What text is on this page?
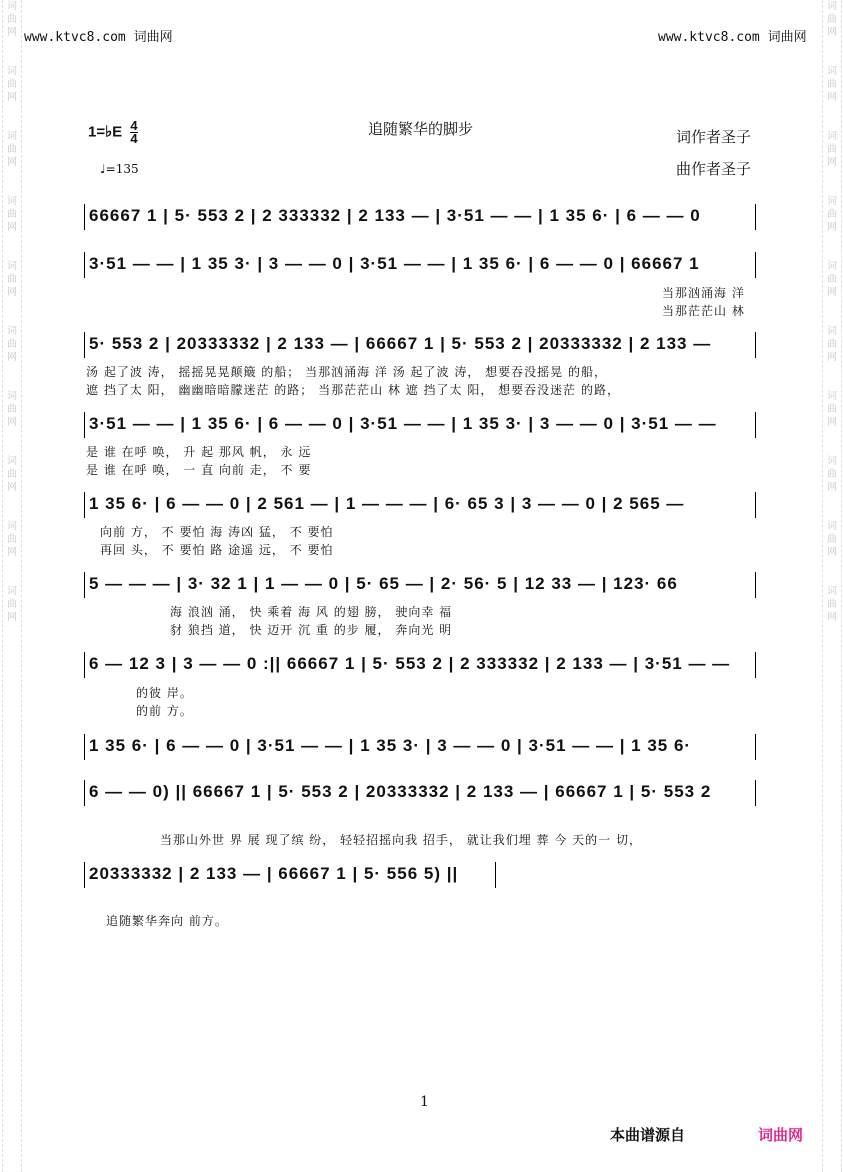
www.ktvc8.com 词曲网	www.ktvc8.com 词曲网
词
曲
网
词
曲
网
词
曲
网
词
曲
网
词
曲
网
词
曲
网
词
曲
网
词
曲
网
词
曲
网
词
曲
网
词
曲
网
词
曲
网
词
曲
网
词
曲
网
词
曲
网
词
曲
网
词
曲
网
词
曲
网
词
曲
网
词
曲
网
1=♭E $\frac{4}{4}$
♩=135
追随繁华的脚步	词作者圣子
曲作者圣子
66667 1 | 5· 553 2 | 2 333332 | 2 133 — | 3·51 — — | 1 35 6· | 6 — — 0
3·51 — — | 1 35 3· | 3 — — 0 | 3·51 — — | 1 35 6· | 6 — — 0 | 66667 1
5· 553 2 | 20333332 | 2 133 — | 66667 1 | 5· 553 2 | 20333332 | 2 133 —
3·51 — — | 1 35 6· | 6 — — 0 | 3·51 — — | 1 35 3· | 3 — — 0 | 3·51 — —
1 35 6· | 6 — — 0 | 2 561 — | 1 — — — | 6· 65 3 | 3 — — 0 | 2 565 —
5 — — — | 3· 32 1 | 1 — — 0 | 5· 65 — | 2· 56· 5 | 12 33 — | 123· 66
6 — 12 3 | 3 — — 0 :|| 66667 1 | 5· 553 2 | 2 333332 | 2 133 — | 3·51 — —
1 35 6· | 6 — — 0 | 3·51 — — | 1 35 3· | 3 — — 0 | 3·51 — — | 1 35 6·
6 — — 0) || 66667 1 | 5· 553 2 | 20333332 | 2 133 — | 66667 1 | 5· 553 2
20333332 | 2 133 — | 66667 1 | 5· 556 5) ||
当那汹涌海 洋
当那茫茫山 林
汤 起了波 涛， 摇摇晃晃颠簸 的船； 当那汹涌海 洋 汤 起了波 涛， 想要吞没摇晃 的船，
遮 挡了太 阳， 幽幽暗暗朦迷茫 的路； 当那茫茫山 林 遮 挡了太 阳， 想要吞没迷茫 的路，
是 谁 在呼 唤， 升 起 那风 帆， 永 远
是 谁 在呼 唤， 一 直 向前 走， 不 要
向前 方， 不 要怕 海 涛凶 猛， 不 要怕
再回 头， 不 要怕 路 途遥 远， 不 要怕
海 浪汹 涌， 快 乘着 海 风 的翅 膀， 驶向幸 福
豺 狼挡 道， 快 迈开 沉 重 的步 履， 奔向光 明
的彼 岸。
的前 方。
当那山外世 界 展 现了缤 纷， 轻轻招摇向我 招手， 就让我们埋 葬 今 天的一 切，
追随繁华奔向 前方。
1
本曲谱源自	词曲网
